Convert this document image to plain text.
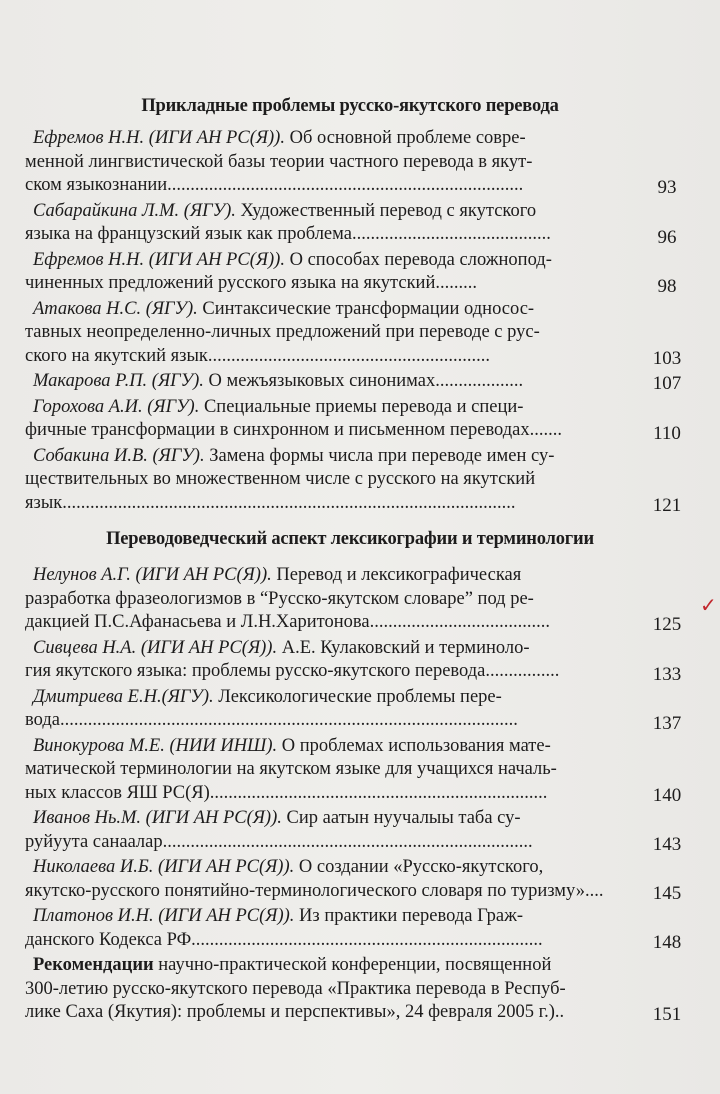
Прикладные проблемы русско-якутского перевода
Ефремов Н.Н. (ИГИ АН РС(Я)). Об основной проблеме совре-
менной лингвистической базы теории частного перевода в якут-
ском языкознании.............................................................................	93
Сабарайкина Л.М. (ЯГУ). Художественный перевод с якутского
языка на французский язык как проблема...........................................	96
Ефремов Н.Н. (ИГИ АН РС(Я)). О способах перевода сложнопод-
чиненных предложений русского языка на якутский.........	98
Атакова Н.С. (ЯГУ). Синтаксические трансформации односос-
тавных неопределенно-личных предложений при переводе с рус-
ского на якутский язык.............................................................	103
Макарова Р.П. (ЯГУ). О межъязыковых синонимах...................	107
Горохова А.И. (ЯГУ). Специальные приемы перевода и специ-
фичные трансформации в синхронном и письменном переводах.......	110
Собакина И.В. (ЯГУ). Замена формы числа при переводе имен су-
ществительных во множественном числе с русского на якутский
язык..................................................................................................	121
Переводоведческий аспект лексикографии и терминологии
Нелунов А.Г. (ИГИ АН РС(Я)). Перевод и лексикографическая
разработка фразеологизмов в “Русско-якутском словаре” под ре-
дакцией П.С.Афанасьева и Л.Н.Харитонова.......................................	125
Сивцева Н.А. (ИГИ АН РС(Я)). А.Е. Кулаковский и терминоло-
гия якутского языка: проблемы русско-якутского перевода................	133
Дмитриева Е.Н.(ЯГУ). Лексикологические проблемы пере-
вода...................................................................................................	137
Винокурова М.Е. (НИИ ИНШ). О проблемах использования мате-
матической терминологии на якутском языке для учащихся началь-
ных классов ЯШ РС(Я).........................................................................	140
Иванов Нь.М. (ИГИ АН РС(Я)). Сир аатын нуучалыы таба су-
руйуута санаалар................................................................................	143
Николаева И.Б. (ИГИ АН РС(Я)). О создании «Русско-якутского,
якутско-русского понятийно-терминологического словаря по туризму»....	145
Платонов И.Н. (ИГИ АН РС(Я)). Из практики перевода Граж-
данского Кодекса РФ............................................................................	148
Рекомендации научно-практической конференции, посвященной
300-летию русско-якутского перевода «Практика перевода в Респуб-
лике Саха (Якутия): проблемы и перспективы», 24 февраля 2005 г.)..	151
✓
